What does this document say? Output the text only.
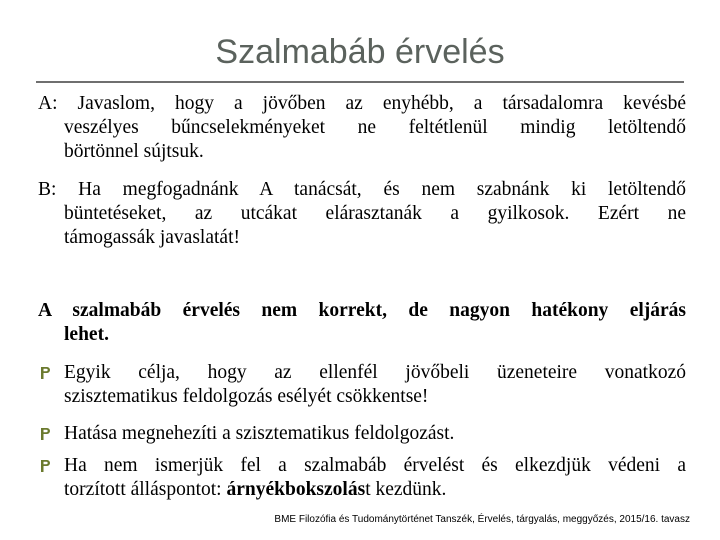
Szalmabáb érvelés
A: Javaslom, hogy a jövőben az enyhébb, a társadalomra kevésbé
veszélyes bűncselekményeket ne feltétlenül mindig letöltendő
börtönnel sújtsuk.
B: Ha megfogadnánk A tanácsát, és nem szabnánk ki letöltendő
büntetéseket, az utcákat elárasztanák a gyilkosok. Ezért ne
támogassák javaslatát!
A szalmabáb érvelés nem korrekt, de nagyon hatékony eljárás
lehet.
Egyik célja, hogy az ellenfél jövőbeli üzeneteire vonatkozó
szisztematikus feldolgozás esélyét csökkentse!
Hatása megnehezíti a szisztematikus feldolgozást.
Ha nem ismerjük fel a szalmabáb érvelést és elkezdjük védeni a
torzított álláspontot: árnyékbokszolást kezdünk.
BME Filozófia és Tudománytörténet Tanszék, Érvelés, tárgyalás, meggyőzés, 2015/16. tavasz
